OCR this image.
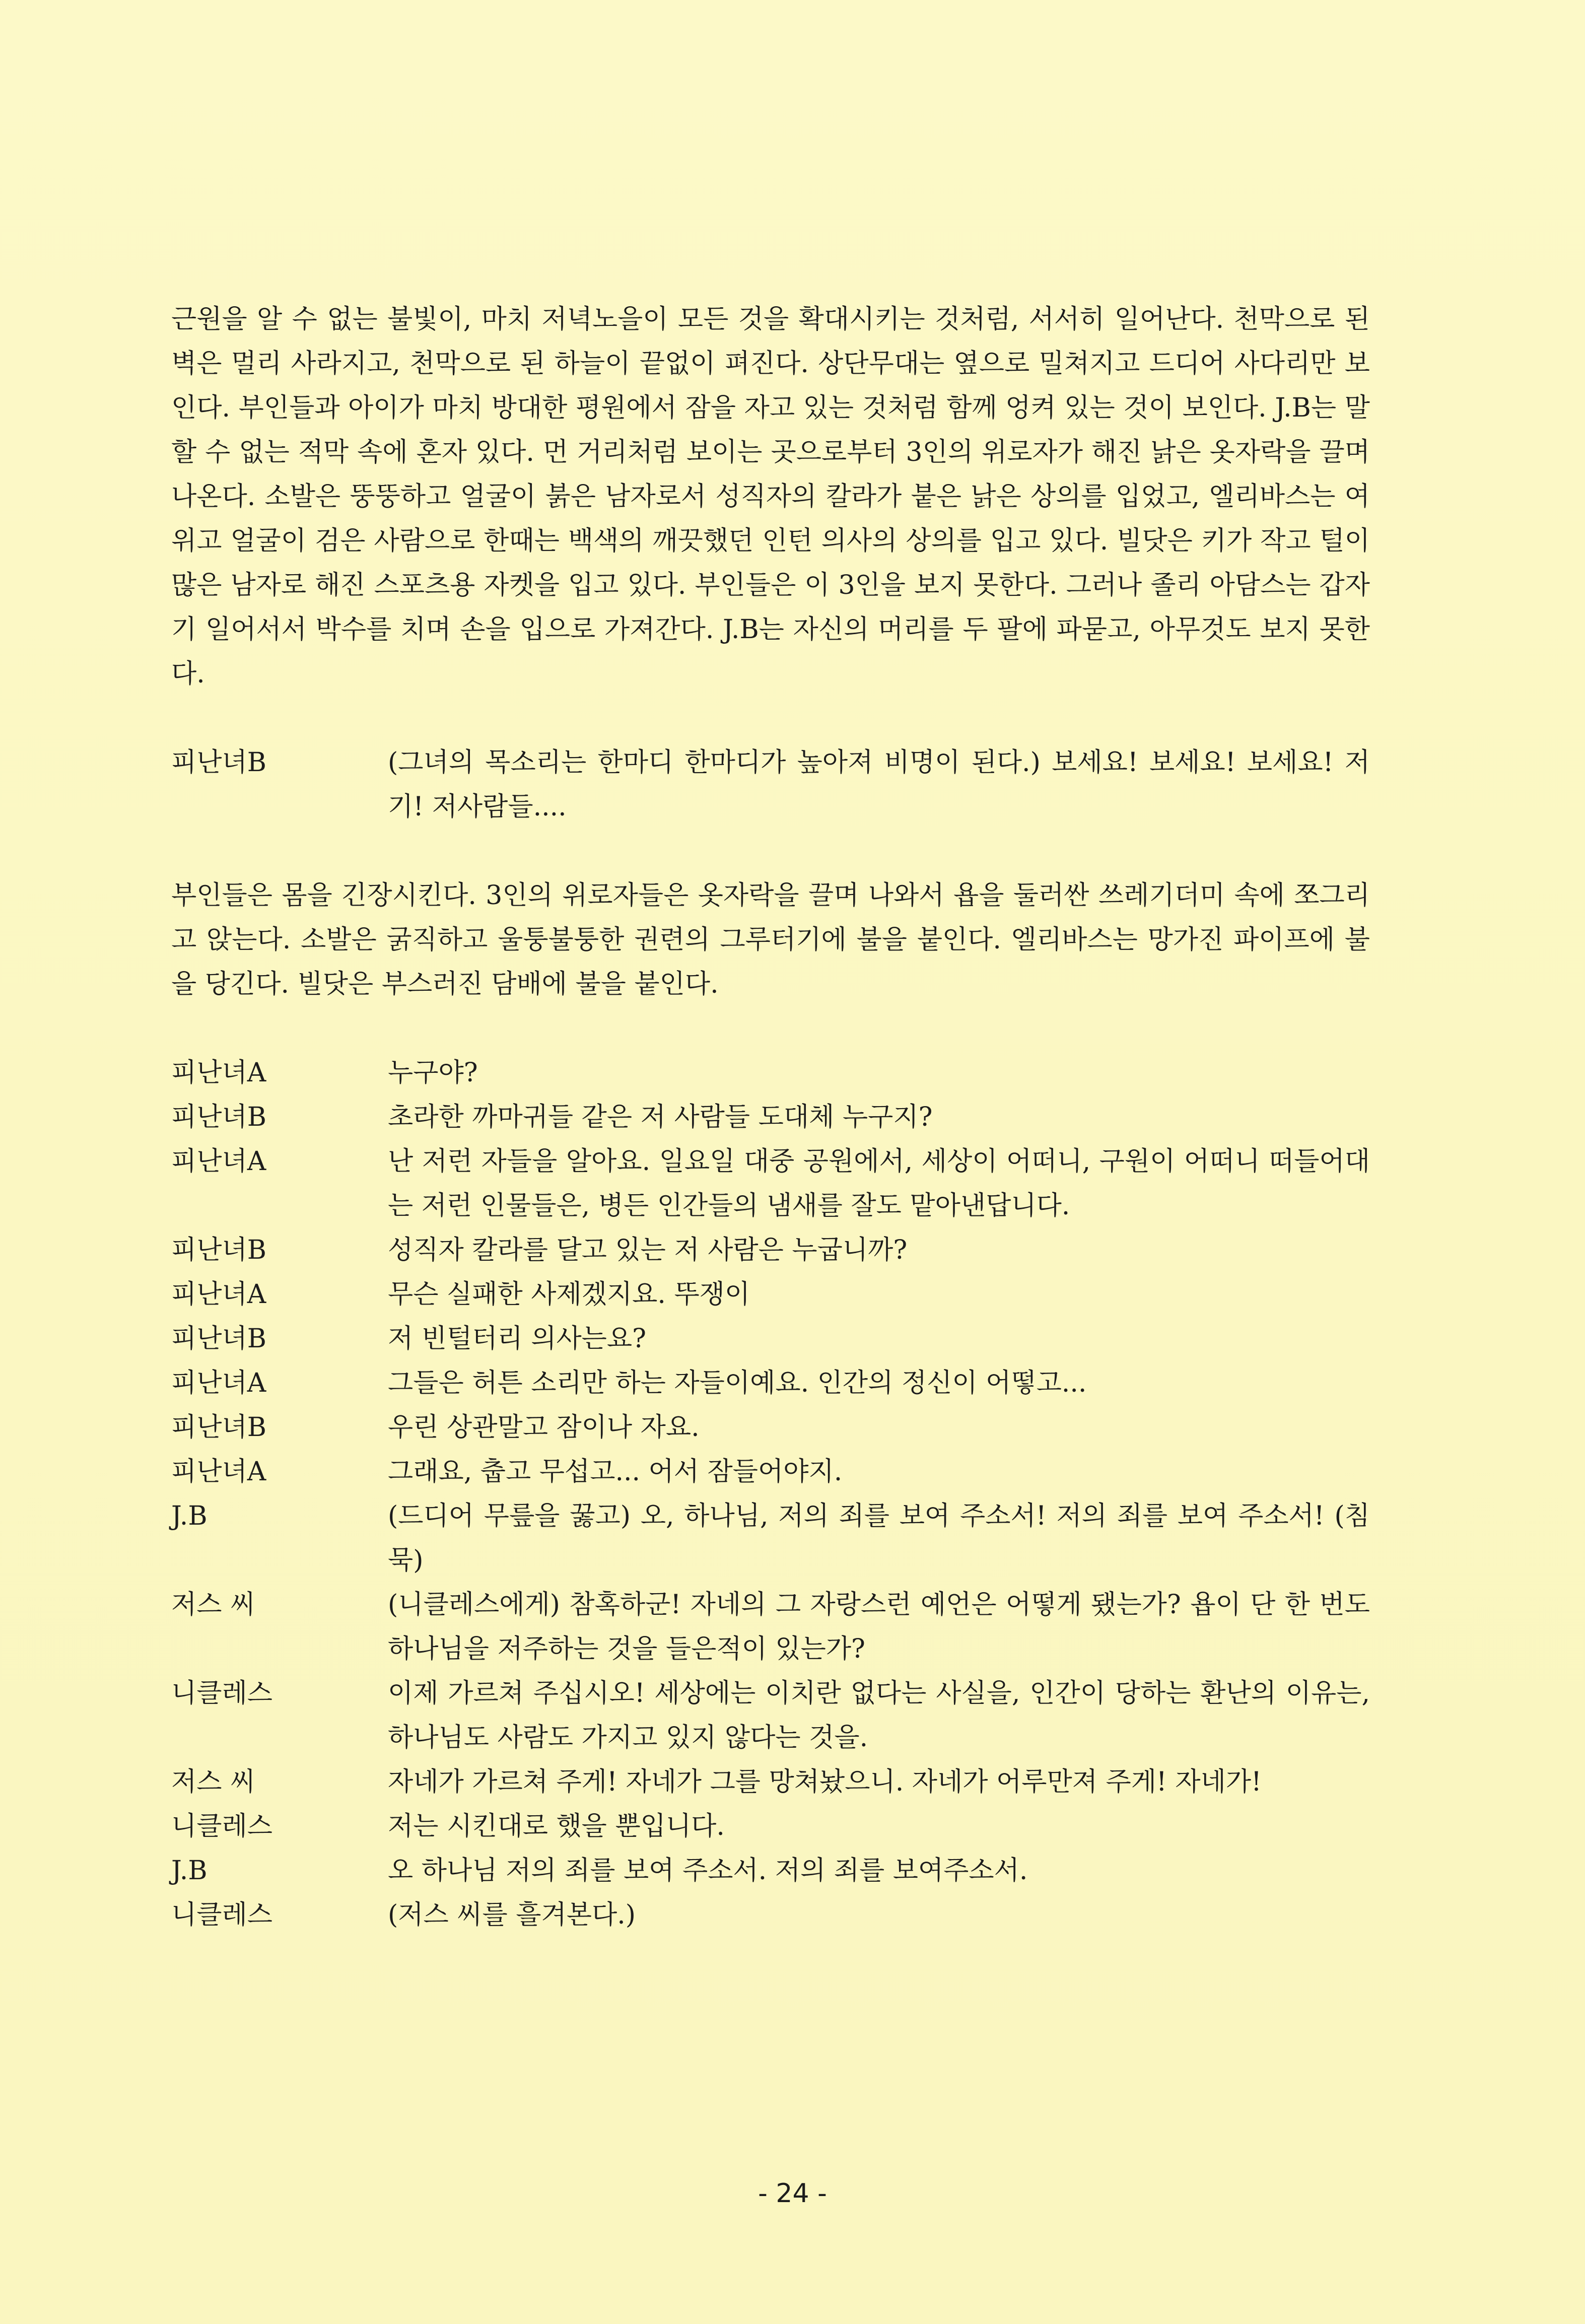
근원을 알 수 없는 불빛이, 마치 저녁노을이 모든 것을 확대시키는 것처럼, 서서히 일어난다. 천막으로 된 벽은 멀리 사라지고, 천막으로 된 하늘이 끝없이 펴진다. 상단무대는 옆으로 밀쳐지고 드디어 사다리만 보인다. 부인들과 아이가 마치 방대한 평원에서 잠을 자고 있는 것처럼 함께 엉켜 있는 것이 보인다. J.B는 말할 수 없는 적막 속에 혼자 있다. 먼 거리처럼 보이는 곳으로부터 3인의 위로자가 해진 낡은 옷자락을 끌며 나온다. 소발은 뚱뚱하고 얼굴이 붉은 남자로서 성직자의 칼라가 붙은 낡은 상의를 입었고, 엘리바스는 여위고 얼굴이 검은 사람으로 한때는 백색의 깨끗했던 인턴 의사의 상의를 입고 있다. 빌닷은 키가 작고 털이 많은 남자로 해진 스포츠용 자켓을 입고 있다. 부인들은 이 3인을 보지 못한다. 그러나 졸리 아담스는 갑자기 일어서서 박수를 치며 손을 입으로 가져간다. J.B는 자신의 머리를 두 팔에 파묻고, 아무것도 보지 못한다.

피난녀B	(그녀의 목소리는 한마디 한마디가 높아져 비명이 된다.) 보세요! 보세요! 보세요! 저기! 저사람들....

부인들은 몸을 긴장시킨다. 3인의 위로자들은 옷자락을 끌며 나와서 욥을 둘러싼 쓰레기더미 속에 쪼그리고 앉는다. 소발은 굵직하고 울퉁불퉁한 권련의 그루터기에 불을 붙인다. 엘리바스는 망가진 파이프에 불을 당긴다. 빌닷은 부스러진 담배에 불을 붙인다.

피난녀A	누구야?
피난녀B	초라한 까마귀들 같은 저 사람들 도대체 누구지?
피난녀A	난 저런 자들을 알아요. 일요일 대중 공원에서, 세상이 어떠니, 구원이 어떠니 떠들어대는 저런 인물들은, 병든 인간들의 냄새를 잘도 맡아낸답니다.
피난녀B	성직자 칼라를 달고 있는 저 사람은 누굽니까?
피난녀A	무슨 실패한 사제겠지요. 뚜쟁이
피난녀B	저 빈털터리 의사는요?
피난녀A	그들은 허튼 소리만 하는 자들이예요. 인간의 정신이 어떻고...
피난녀B	우린 상관말고 잠이나 자요.
피난녀A	그래요, 춥고 무섭고... 어서 잠들어야지.
J.B	(드디어 무릎을 꿇고) 오, 하나님, 저의 죄를 보여 주소서! 저의 죄를 보여 주소서! (침묵)
저스 씨	(니클레스에게) 참혹하군! 자네의 그 자랑스런 예언은 어떻게 됐는가? 욥이 단 한 번도 하나님을 저주하는 것을 들은적이 있는가?
니클레스	이제 가르쳐 주십시오! 세상에는 이치란 없다는 사실을, 인간이 당하는 환난의 이유는, 하나님도 사람도 가지고 있지 않다는 것을.
저스 씨	자네가 가르쳐 주게! 자네가 그를 망쳐놨으니. 자네가 어루만져 주게! 자네가!
니클레스	저는 시킨대로 했을 뿐입니다.
J.B	오 하나님 저의 죄를 보여 주소서. 저의 죄를 보여주소서.
니클레스	(저스 씨를 흘겨본다.)
- 24 -
